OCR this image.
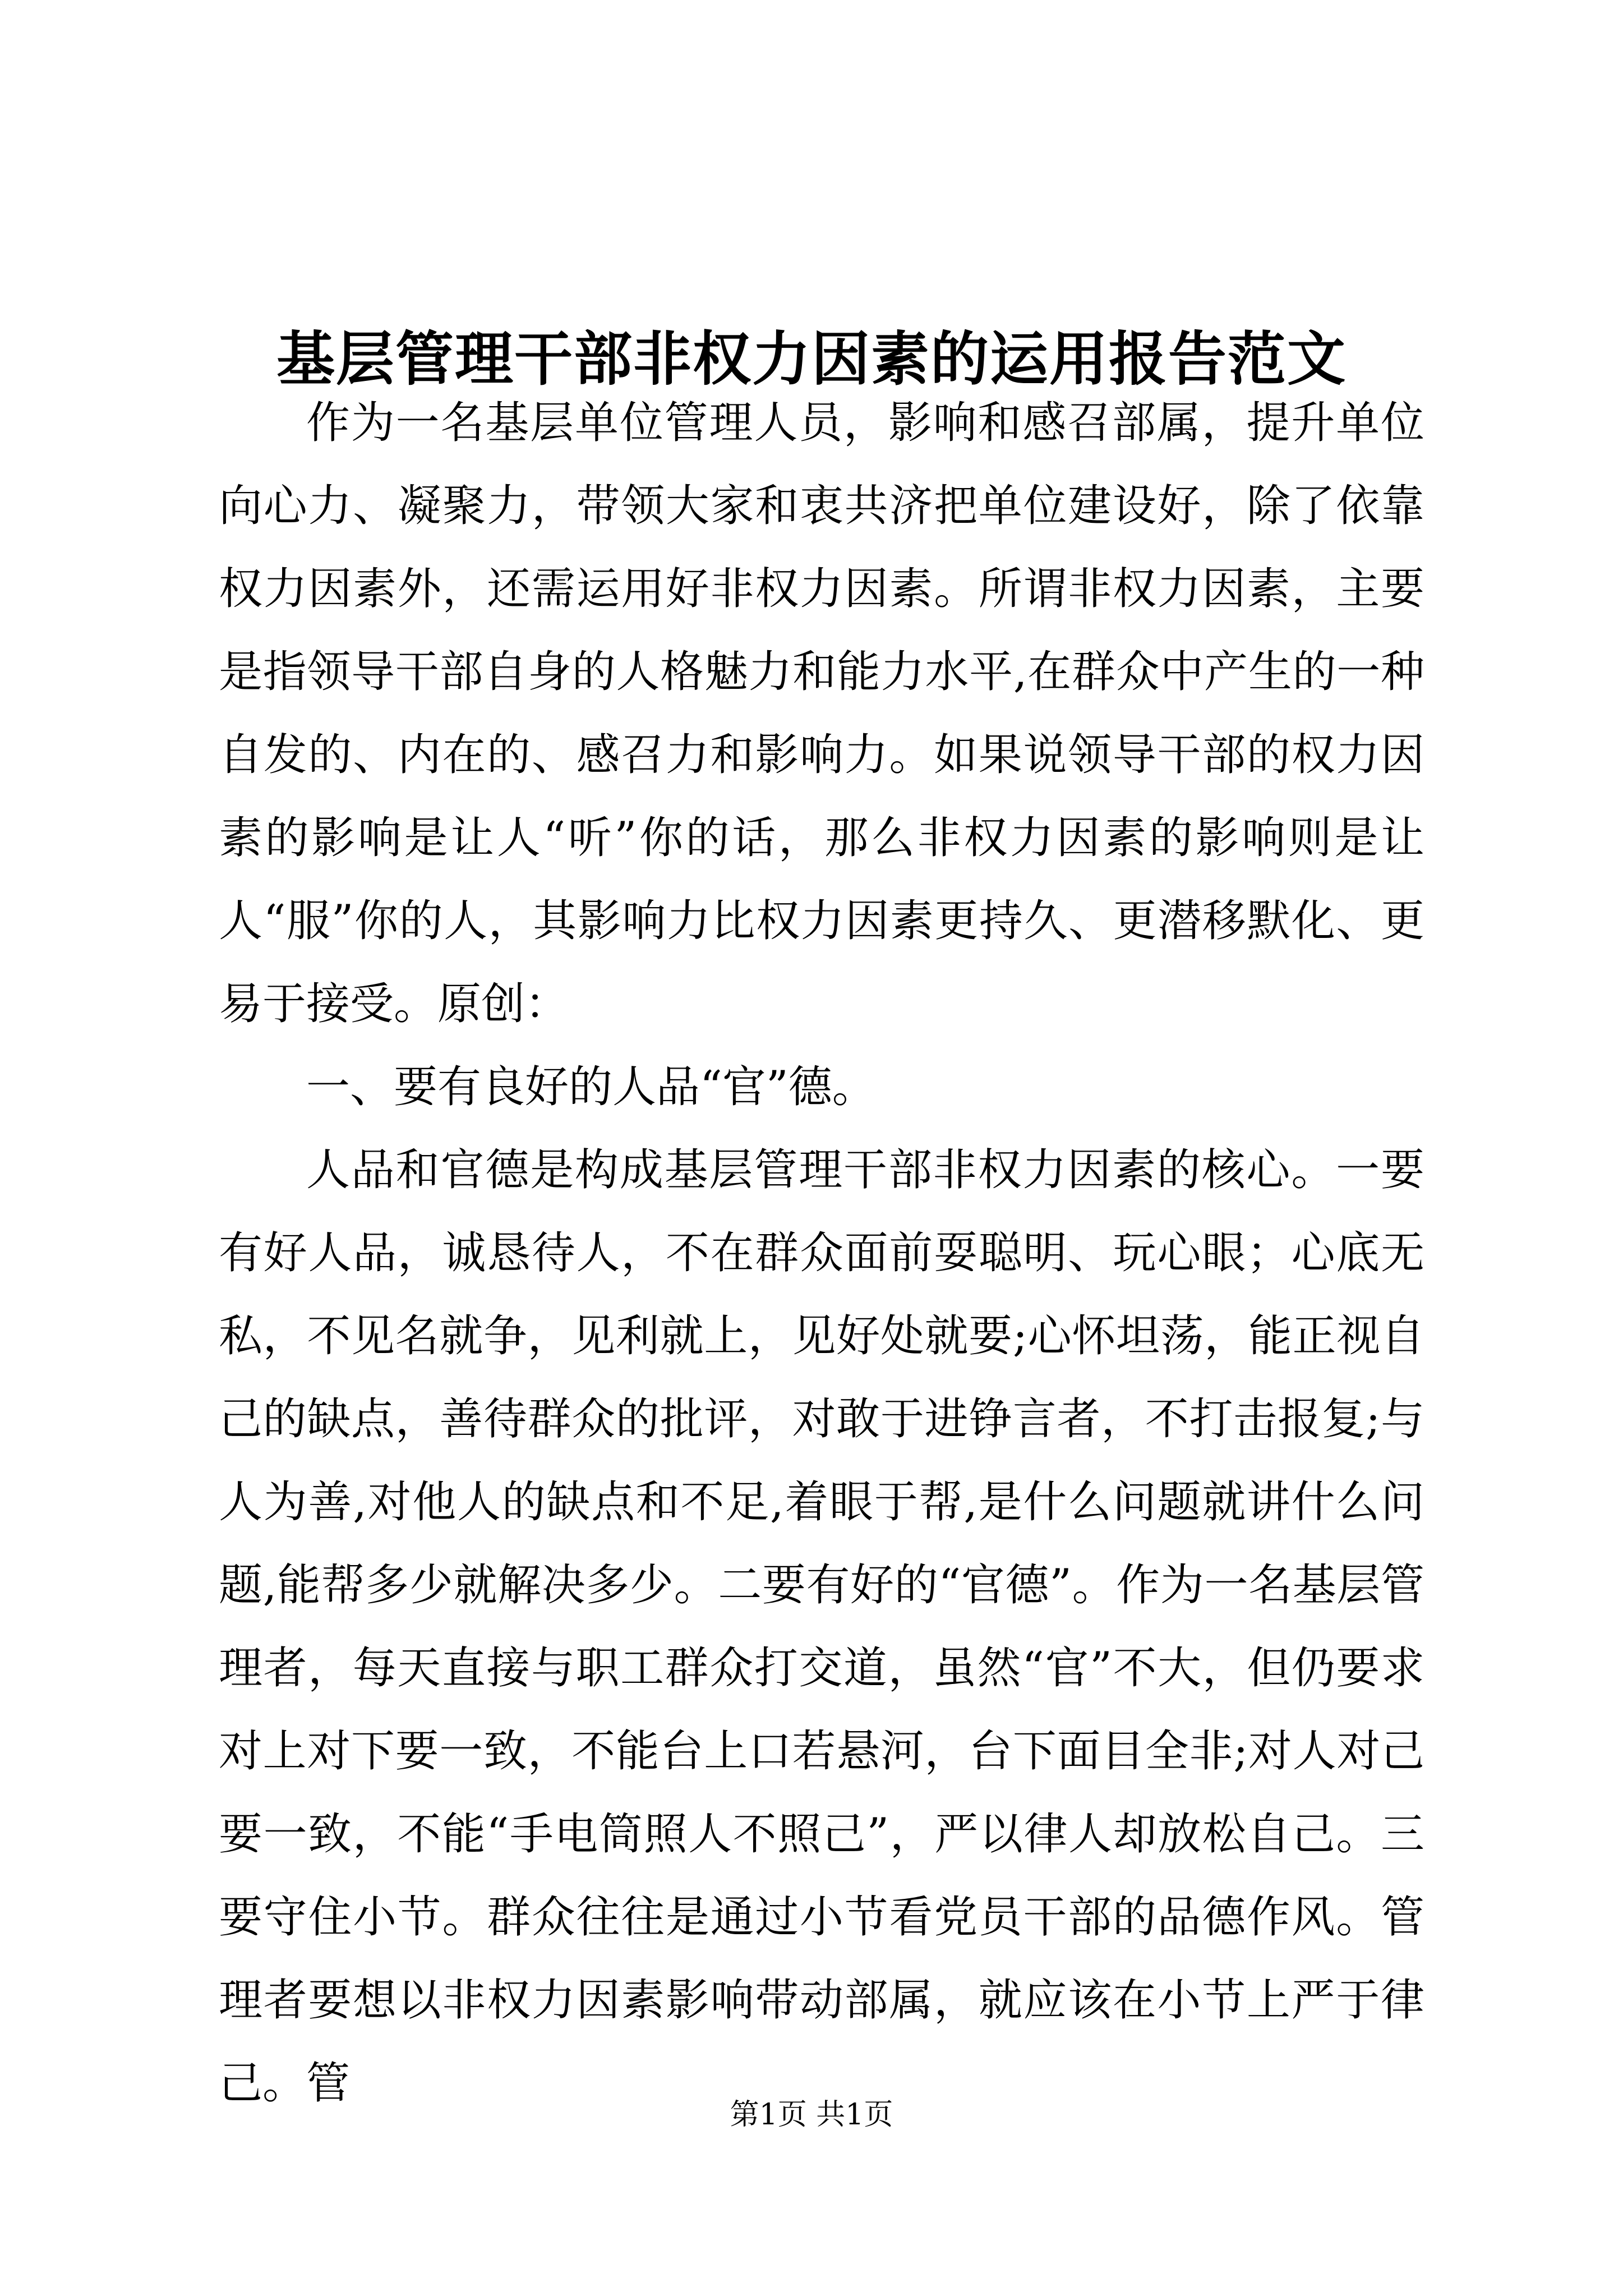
基层管理干部非权力因素的运用报告范文

作为一名基层单位管理人员，影响和感召部属，提升单位向心力、凝聚力，带领大家和衷共济把单位建设好，除了依靠权力因素外，还需运用好非权力因素。所谓非权力因素，主要是指领导干部自身的人格魅力和能力水平,在群众中产生的一种自发的、内在的、感召力和影响力。如果说领导干部的权力因素的影响是让人“听”你的话，那么非权力因素的影响则是让人“服”你的人，其影响力比权力因素更持久、更潜移默化、更易于接受。原创：

一、要有良好的人品“官”德。

人品和官德是构成基层管理干部非权力因素的核心。一要有好人品，诚恳待人，不在群众面前耍聪明、玩心眼；心底无私，不见名就争，见利就上，见好处就要;心怀坦荡，能正视自己的缺点，善待群众的批评，对敢于进铮言者，不打击报复;与人为善,对他人的缺点和不足,着眼于帮,是什么问题就讲什么问题,能帮多少就解决多少。二要有好的“官德”。作为一名基层管理者，每天直接与职工群众打交道，虽然“官”不大，但仍要求对上对下要一致，不能台上口若悬河，台下面目全非;对人对己要一致，不能“手电筒照人不照己”，严以律人却放松自己。三要守住小节。群众往往是通过小节看党员干部的品德作风。管理者要想以非权力因素影响带动部属，就应该在小节上严于律己。管

第1页 共1页
